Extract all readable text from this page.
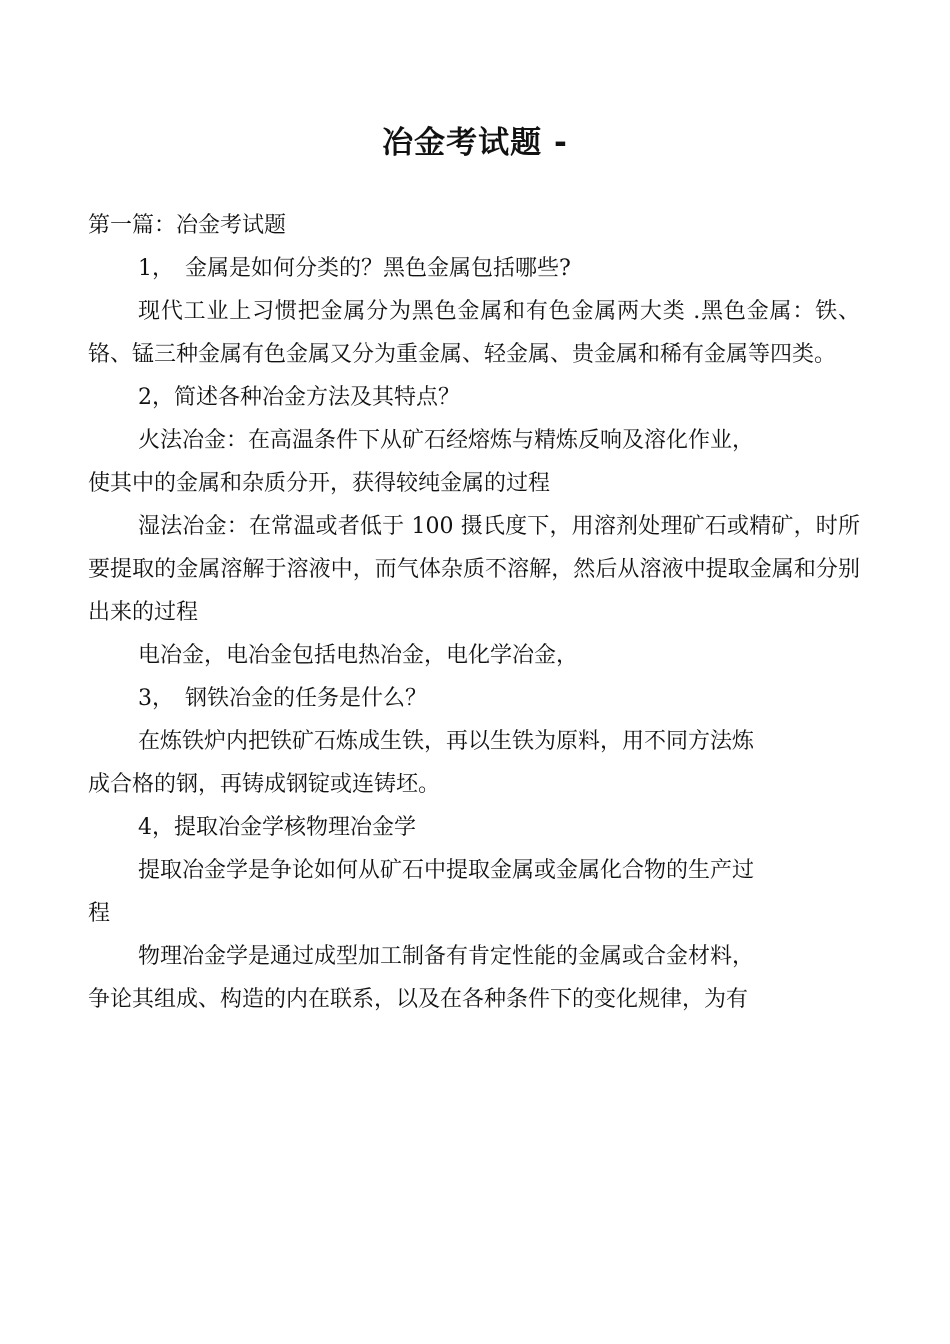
冶金考试题 -

第一篇：冶金考试题

1，　金属是如何分类的？黑色金属包括哪些?

现代工业上习惯把金属分为黑色金属和有色金属两大类 .黑色金属：铁、铬、锰三种金属有色金属又分为重金属、轻金属、贵金属和稀有金属等四类。

2，简述各种冶金方法及其特点？

火法冶金：在高温条件下从矿石经熔炼与精炼反响及溶化作业，

使其中的金属和杂质分开，获得较纯金属的过程

湿法冶金：在常温或者低于 100 摄氏度下，用溶剂处理矿石或精矿，时所要提取的金属溶解于溶液中，而气体杂质不溶解，然后从溶液中提取金属和分别出来的过程

电冶金，电冶金包括电热冶金，电化学冶金，

3，　钢铁冶金的任务是什么？

在炼铁炉内把铁矿石炼成生铁，再以生铁为原料，用不同方法炼

成合格的钢，再铸成钢锭或连铸坯。

4，提取冶金学核物理冶金学

提取冶金学是争论如何从矿石中提取金属或金属化合物的生产过

程

物理冶金学是通过成型加工制备有肯定性能的金属或合金材料，

争论其组成、构造的内在联系，以及在各种条件下的变化规律，为有
